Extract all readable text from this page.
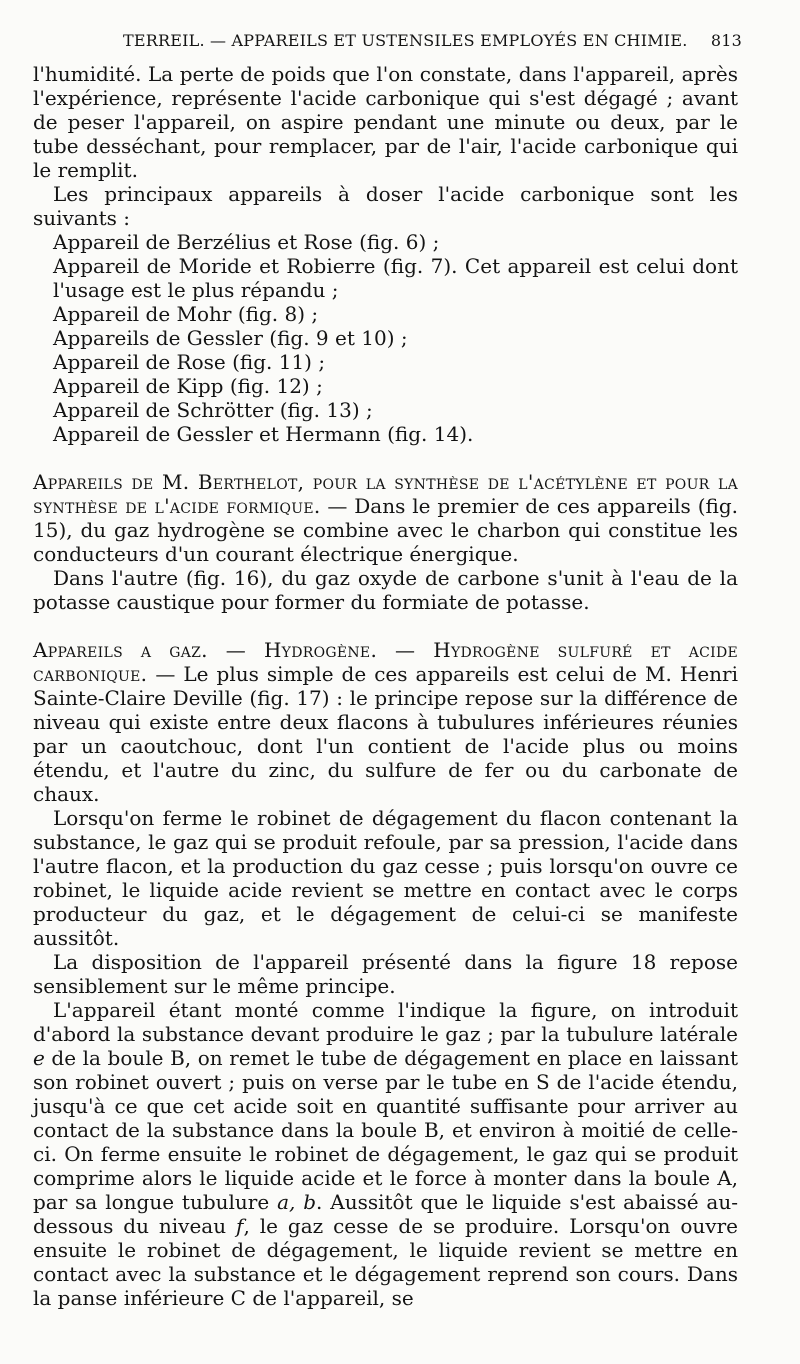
TERREIL. — APPAREILS ET USTENSILES EMPLOYÉS EN CHIMIE. 813

l'humidité. La perte de poids que l'on constate, dans l'appareil, après l'expérience, représente l'acide carbonique qui s'est dégagé ; avant de peser l'appareil, on aspire pendant une minute ou deux, par le tube desséchant, pour remplacer, par de l'air, l'acide carbonique qui le remplit.

Les principaux appareils à doser l'acide carbonique sont les suivants :

Appareil de Berzélius et Rose (fig. 6) ;
Appareil de Moride et Robierre (fig. 7). Cet appareil est celui dont l'usage est le plus répandu ;
Appareil de Mohr (fig. 8) ;
Appareils de Gessler (fig. 9 et 10) ;
Appareil de Rose (fig. 11) ;
Appareil de Kipp (fig. 12) ;
Appareil de Schrötter (fig. 13) ;
Appareil de Gessler et Hermann (fig. 14).

Appareils de M. Berthelot, pour la synthèse de l'acétylène et pour la synthèse de l'acide formique. — Dans le premier de ces appareils (fig. 15), du gaz hydrogène se combine avec le charbon qui constitue les conducteurs d'un courant électrique énergique.

Dans l'autre (fig. 16), du gaz oxyde de carbone s'unit à l'eau de la potasse caustique pour former du formiate de potasse.

Appareils a gaz. — Hydrogène. — Hydrogène sulfuré et acide carbonique. — Le plus simple de ces appareils est celui de M. Henri Sainte-Claire Deville (fig. 17) : le principe repose sur la différence de niveau qui existe entre deux flacons à tubulures inférieures réunies par un caoutchouc, dont l'un contient de l'acide plus ou moins étendu, et l'autre du zinc, du sulfure de fer ou du carbonate de chaux.

Lorsqu'on ferme le robinet de dégagement du flacon contenant la substance, le gaz qui se produit refoule, par sa pression, l'acide dans l'autre flacon, et la production du gaz cesse ; puis lorsqu'on ouvre ce robinet, le liquide acide revient se mettre en contact avec le corps producteur du gaz, et le dégagement de celui-ci se manifeste aussitôt.

La disposition de l'appareil présenté dans la figure 18 repose sensiblement sur le même principe.

L'appareil étant monté comme l'indique la figure, on introduit d'abord la substance devant produire le gaz ; par la tubulure latérale e de la boule B, on remet le tube de dégagement en place en laissant son robinet ouvert ; puis on verse par le tube en S de l'acide étendu, jusqu'à ce que cet acide soit en quantité suffisante pour arriver au contact de la substance dans la boule B, et environ à moitié de celle-ci. On ferme ensuite le robinet de dégagement, le gaz qui se produit comprime alors le liquide acide et le force à monter dans la boule A, par sa longue tubulure a, b. Aussitôt que le liquide s'est abaissé au-dessous du niveau f, le gaz cesse de se produire. Lorsqu'on ouvre ensuite le robinet de dégagement, le liquide revient se mettre en contact avec la substance et le dégagement reprend son cours. Dans la panse inférieure C de l'appareil, se
